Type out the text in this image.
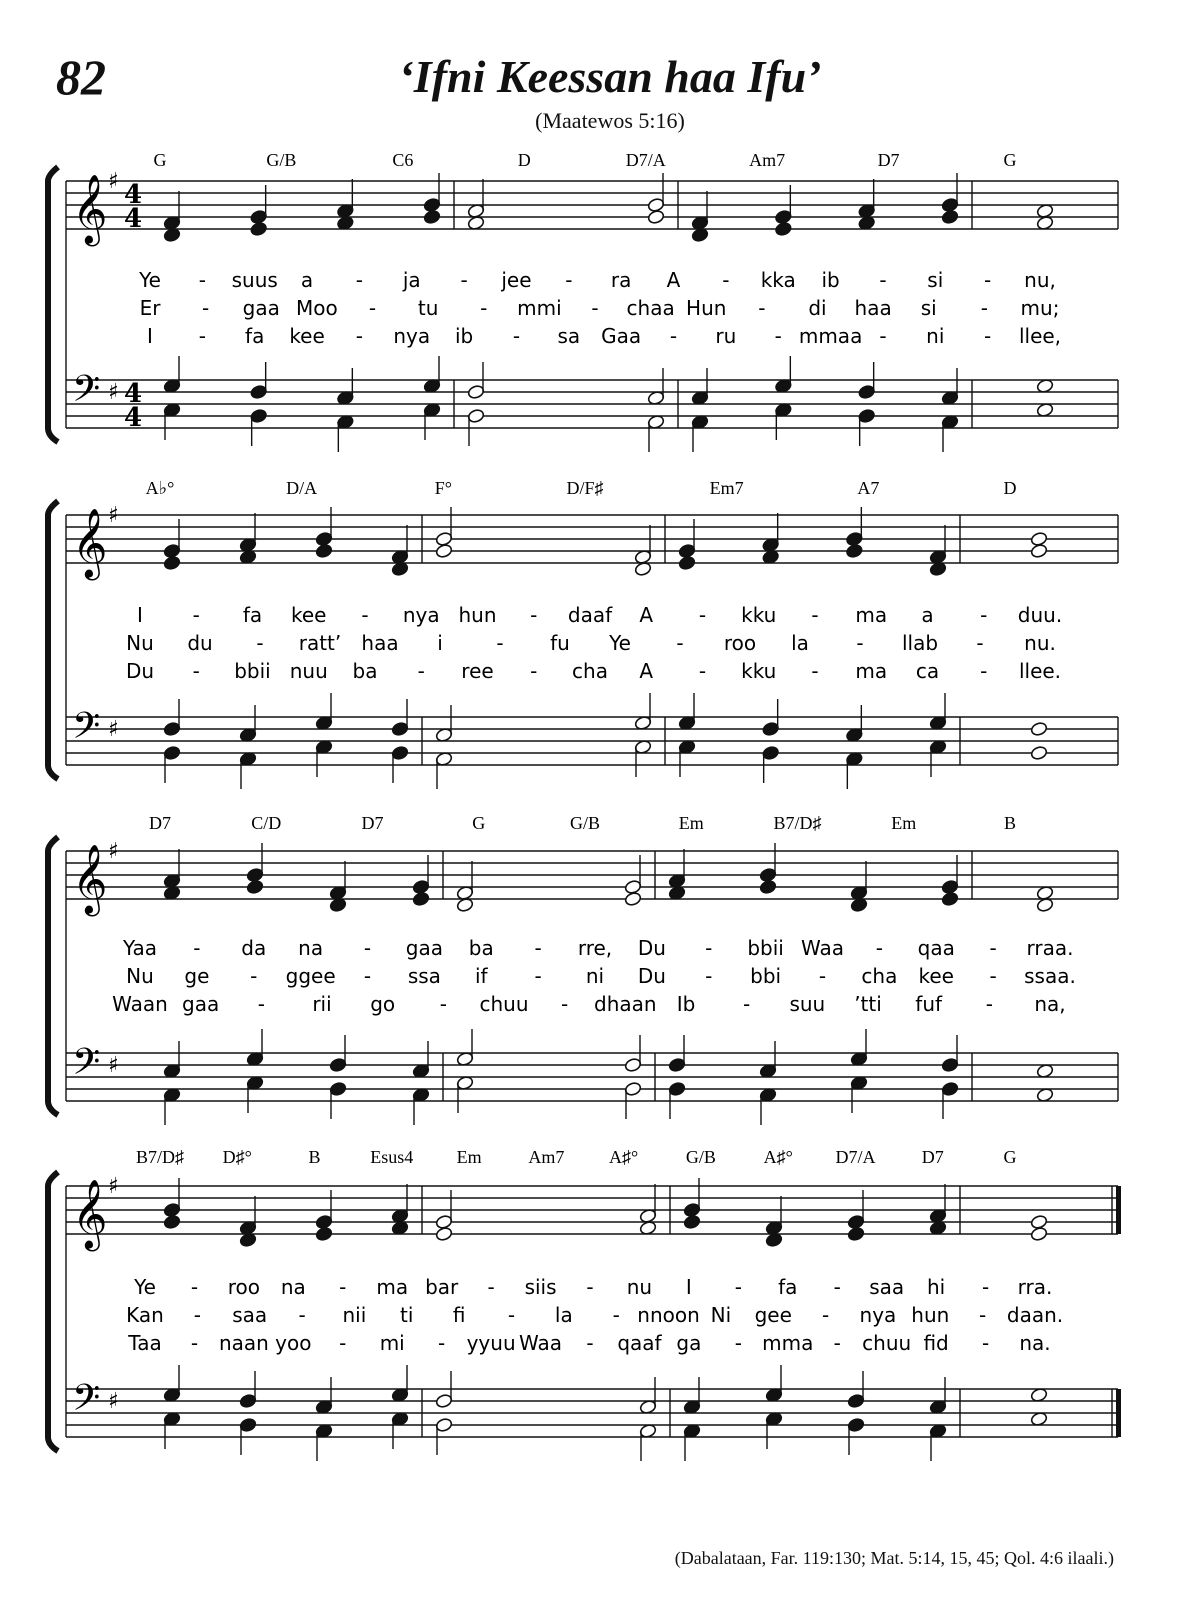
82	‘Ifni Keessan haa Ifu’
(Maatewos 5:16)
𝄞
𝄢
♯
♯
4
4
4
4
G	G/B	C6	D	D7/A	Am7	D7	G
Ye - suus a - ja - jee - ra A - kka ib - si - nu,
Er - gaa Moo - tu - mmi - chaa Hun - di haa si - mu;
I - fa kee - nya ib - sa Gaa - ru - mmaa - ni - llee,
𝄞
𝄢
♯
♯
A♭°	D/A	F°	D/F♯	Em7	A7	D
I - fa kee - nya hun - daaf A - kku - ma a - duu.
Nu du - ratt’ haa i	- fu Ye - roo la - llab - nu.
Du - bbii nuu ba - ree - cha A - kku - ma ca - llee.
𝄞
𝄢
♯
♯
D7	C/D	D7	G	G/B	Em	B7/D♯	Em	B
Yaa - da na - gaa ba - rre, Du - bbii Waa - qaa - rraa.
Nu ge - ggee - ssa if - ni Du - bbi - cha kee - ssaa.
Waan gaa - rii go - chuu - dhaan Ib - suu ’tti fuf - na,
𝄞
𝄢
♯
♯
B7/D♯ D♯°	B	Esus4 Em	Am7 A♯°	G/B	A♯° D7/A	D7	G
Ye - roo na - ma bar - siis - nu I - fa - saa hi - rra.
Kan - saa - nii ti fi - la - nnoon Ni gee - nya hun - daan.
Taa - naan yoo - mi - yyuu Waa - qaaf ga - mma - chuu fid - na.
(Dabalataan, Far. 119:130; Mat. 5:14, 15, 45; Qol. 4:6 ilaali.)
